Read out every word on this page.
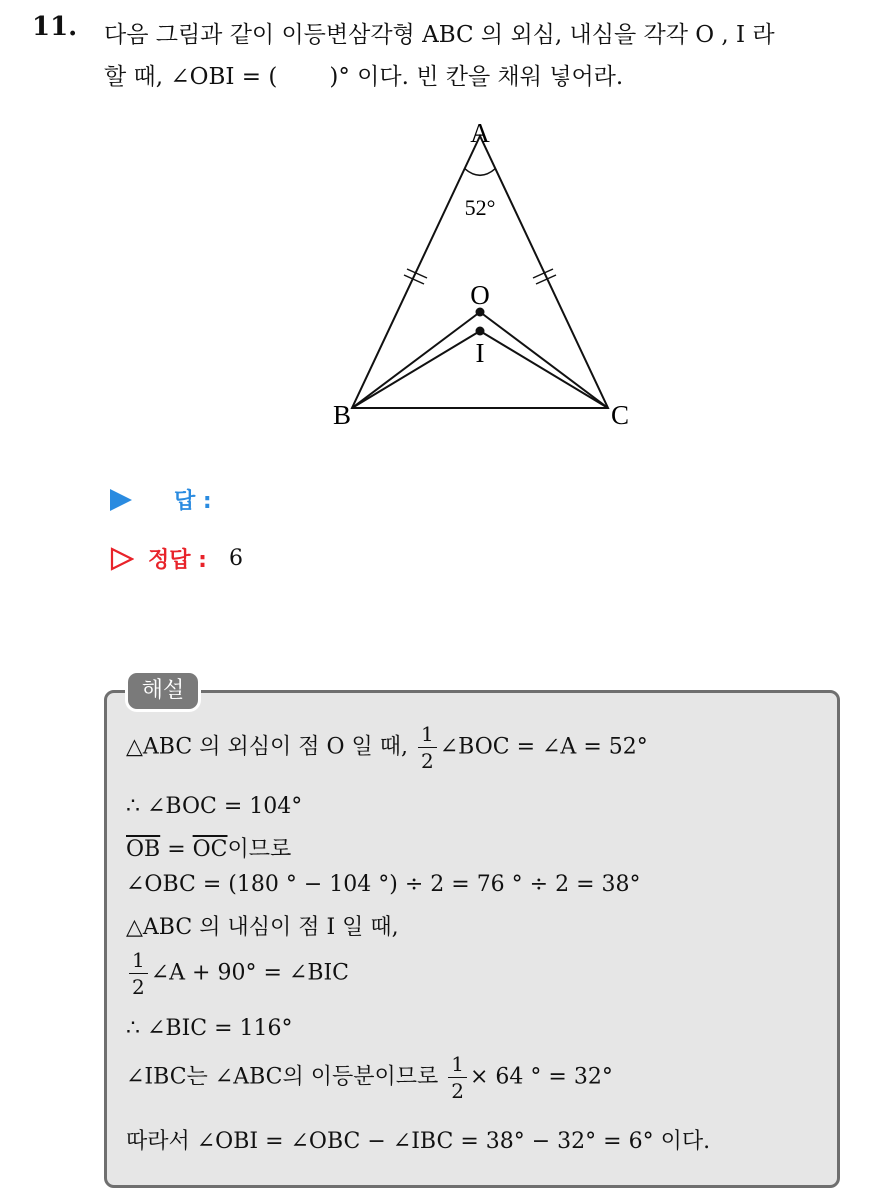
11. 다음 그림과 같이 이등변삼각형 ABC 의 외심, 내심을 각각 O , I 라
할 때, ∠OBI = ( )° 이다. 빈 칸을 채워 넣어라.
A
52°
O
I
B	C
답 :
정답 : 6
해설
△ABC 의 외심이 점 O 일 때, $\frac{1}{2}$ ∠BOC = ∠A = 52°
∴ ∠BOC = 104°
$\overline{OB} = \overline{OC}$이므로
∠OBC = (180 ° − 104 °) ÷ 2 = 76 ° ÷ 2 = 38°
△ABC 의 내심이 점 I 일 때,
$\frac{1}{2}$ ∠A + 90° = ∠BIC
∴ ∠BIC = 116°
∠IBC는 ∠ABC의 이등분이므로 $\frac{1}{2} \times 64$ ° = 32°
따라서 ∠OBI = ∠OBC − ∠IBC = 38° − 32° = 6° 이다.
